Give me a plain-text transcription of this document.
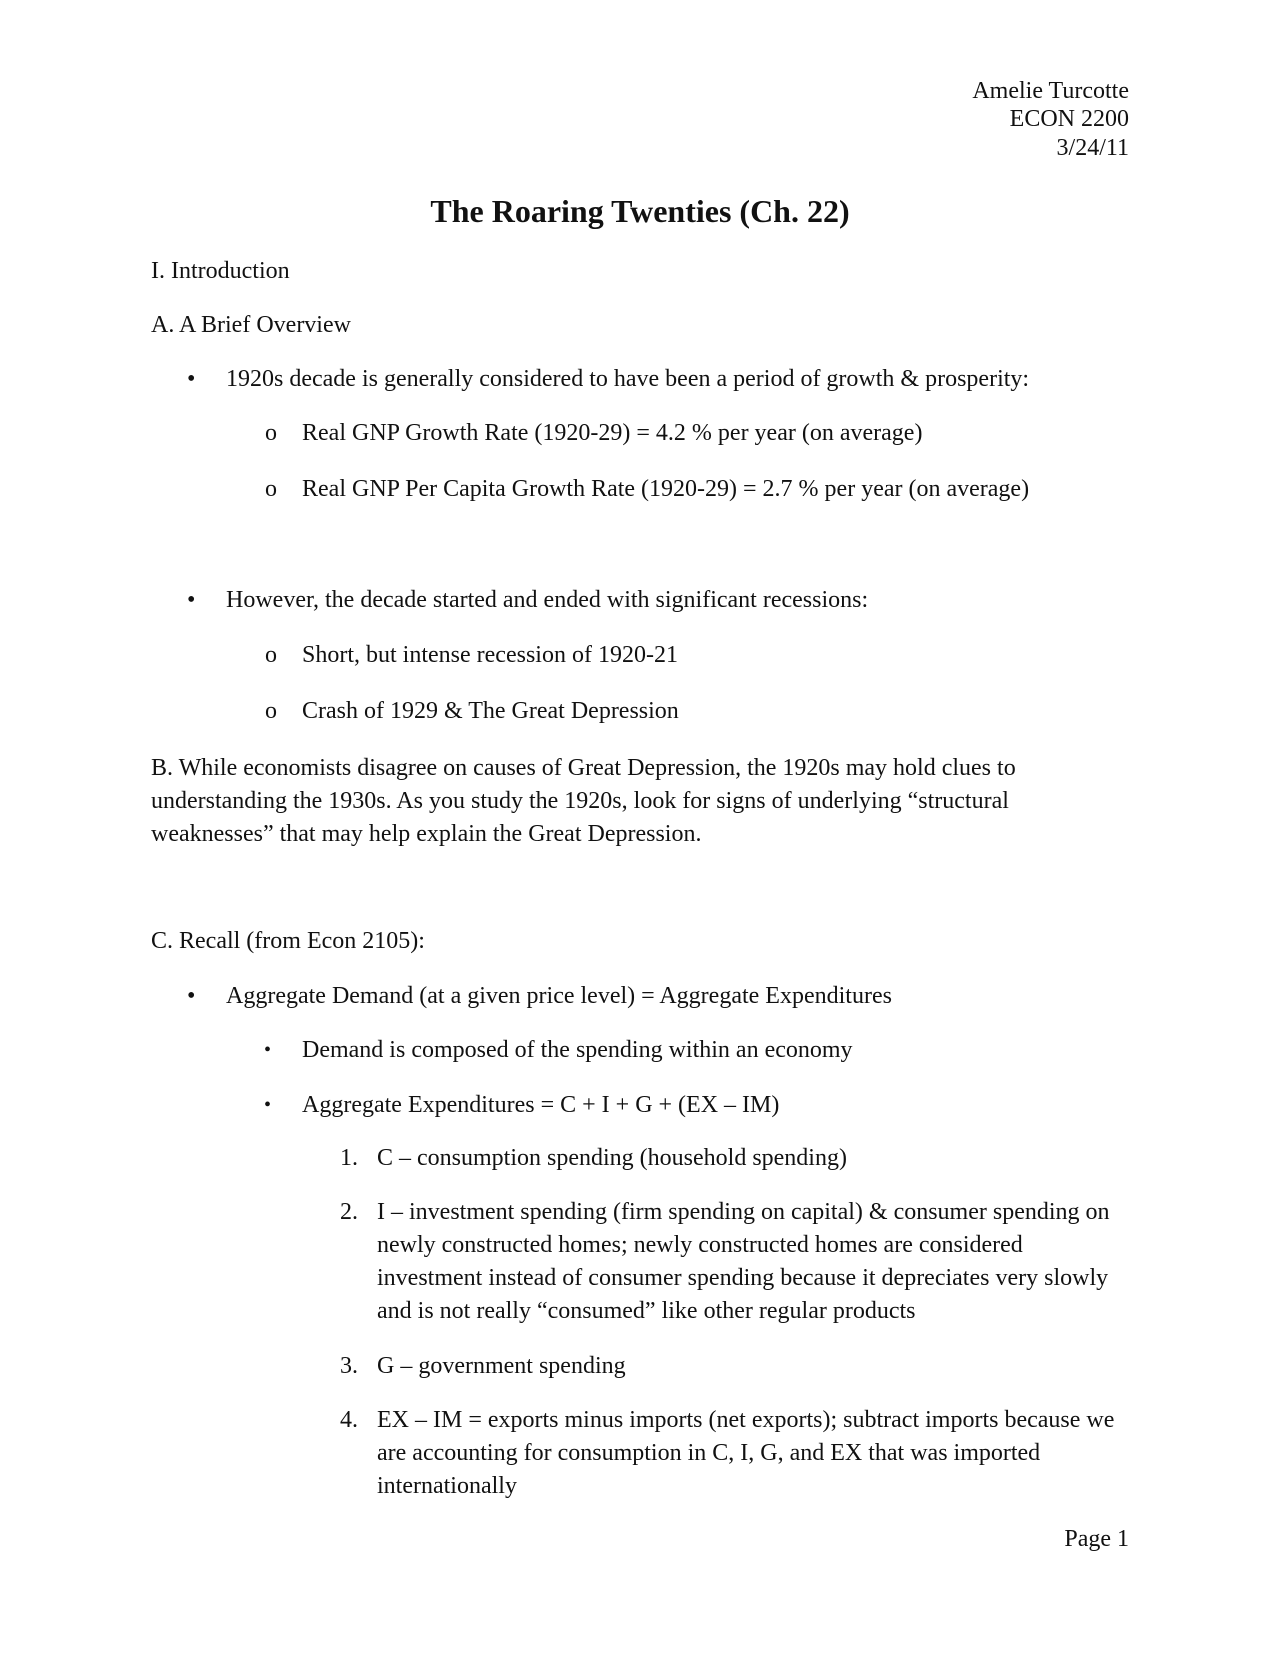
Amelie Turcotte
ECON 2200
3/24/11
The Roaring Twenties (Ch. 22)
I. Introduction
A. A Brief Overview
• 1920s decade is generally considered to have been a period of growth & prosperity:
o Real GNP Growth Rate (1920-29) = 4.2 % per year (on average)
o Real GNP Per Capita Growth Rate (1920-29) = 2.7 % per year (on average)
• However, the decade started and ended with significant recessions:
o Short, but intense recession of 1920-21
o Crash of 1929 & The Great Depression
B. While economists disagree on causes of Great Depression, the 1920s may hold clues to understanding the 1930s. As you study the 1920s, look for signs of underlying “structural weaknesses” that may help explain the Great Depression.
C. Recall (from Econ 2105):
• Aggregate Demand (at a given price level) = Aggregate Expenditures
• Demand is composed of the spending within an economy
• Aggregate Expenditures = C + I + G + (EX – IM)
1. C – consumption spending (household spending)
2. I – investment spending (firm spending on capital) & consumer spending on newly constructed homes; newly constructed homes are considered investment instead of consumer spending because it depreciates very slowly and is not really “consumed” like other regular products
3. G – government spending
4. EX – IM = exports minus imports (net exports); subtract imports because we are accounting for consumption in C, I, G, and EX that was imported internationally
Page 1
